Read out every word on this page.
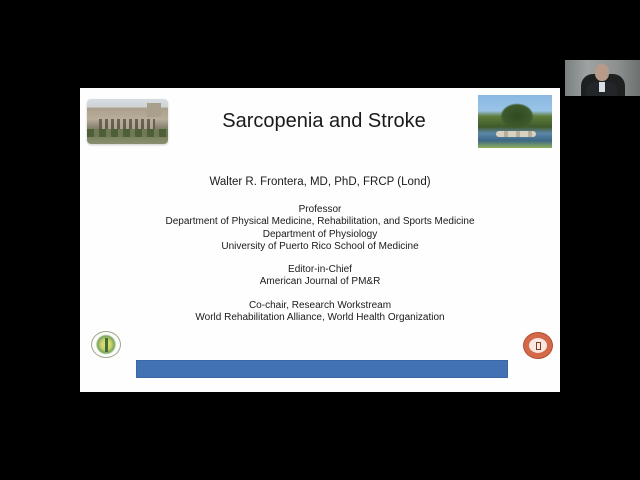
Sarcopenia and Stroke
Walter R. Frontera, MD, PhD, FRCP (Lond)
Professor
Department of Physical Medicine, Rehabilitation, and Sports Medicine
Department of Physiology
University of Puerto Rico School of Medicine
Editor-in-Chief
American Journal of PM&R
Co-chair, Research Workstream
World Rehabilitation Alliance, World Health Organization
